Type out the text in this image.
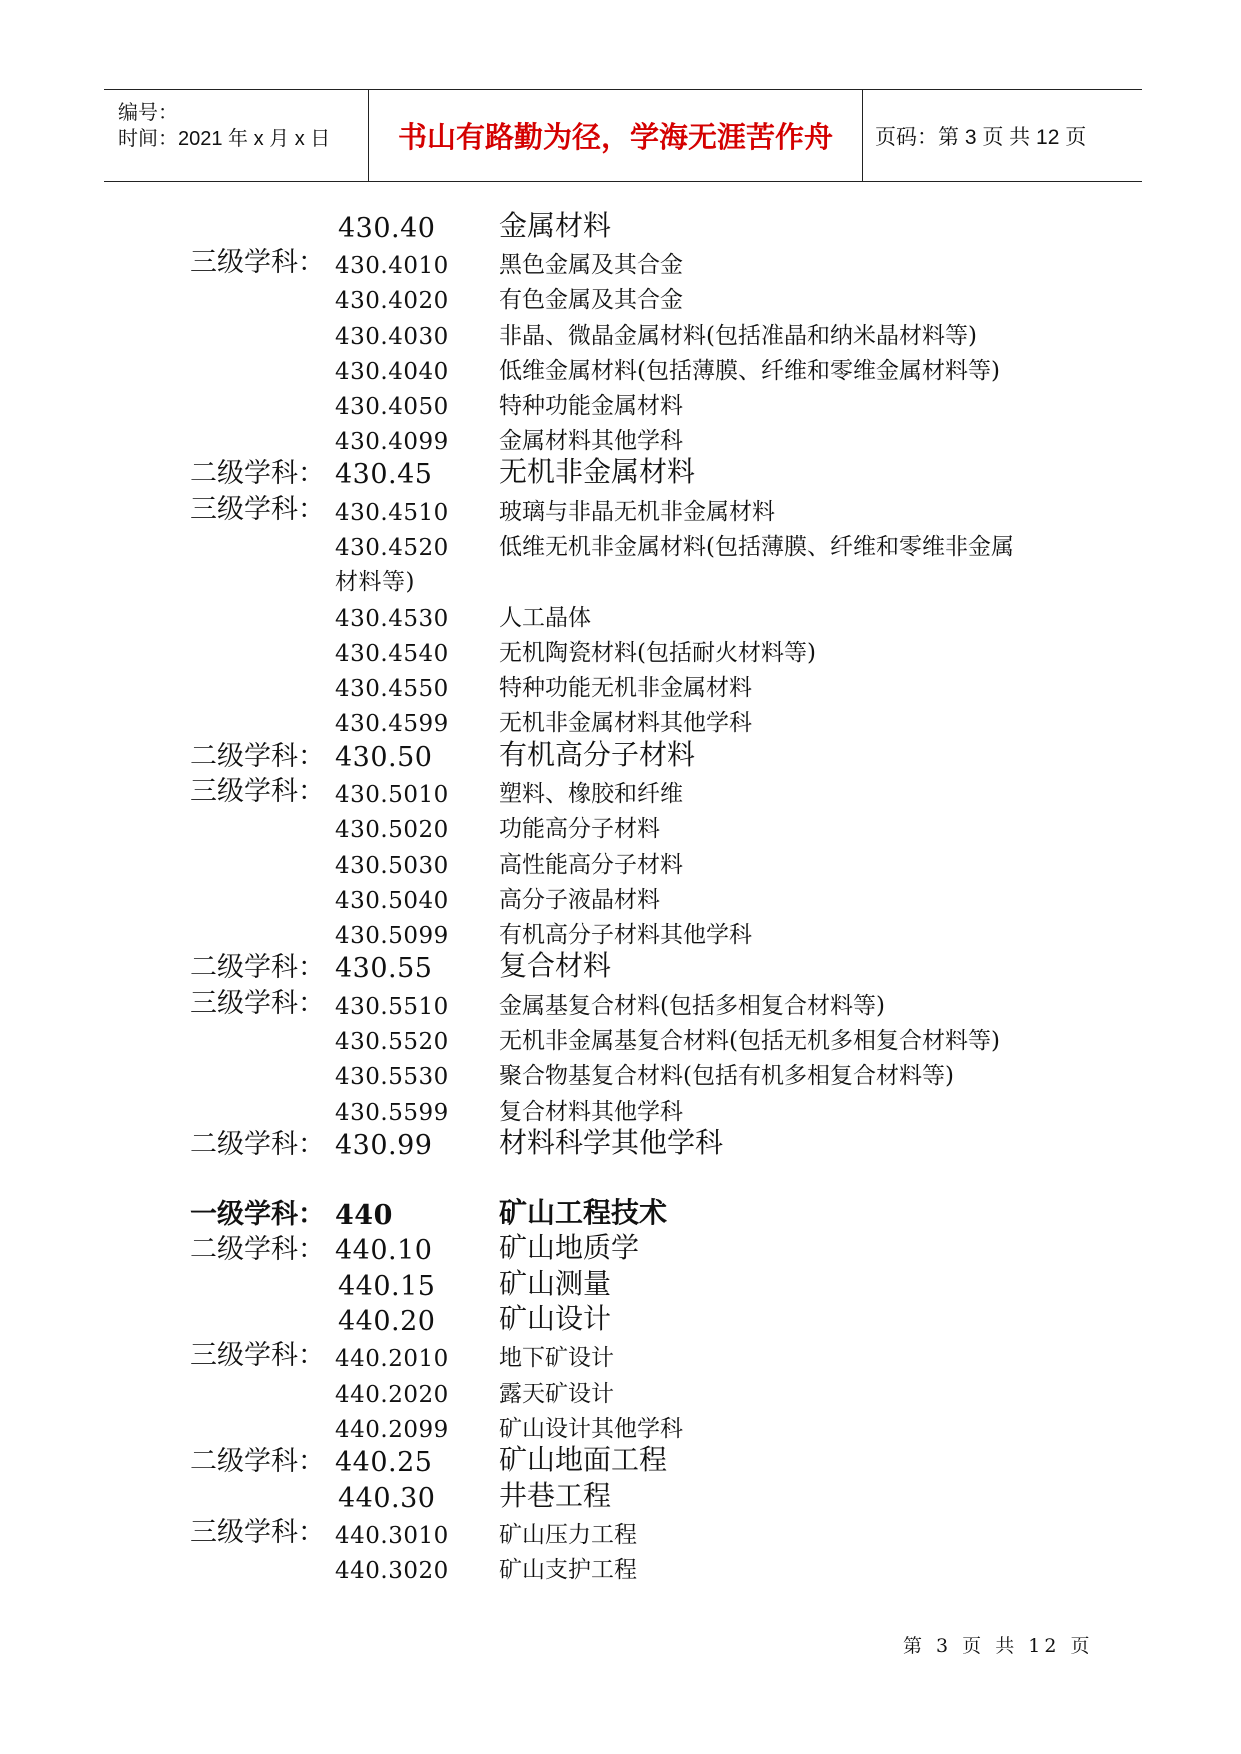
编号：
时间：2021 年 x 月 x 日	书山有路勤为径，学海无涯苦作舟	页码：第 3 页 共 12 页
430.40 金属材料
三级学科： 430.4010 黑色金属及其合金
430.4020 有色金属及其合金
430.4030 非晶、微晶金属材料(包括准晶和纳米晶材料等)
430.4040 低维金属材料(包括薄膜、纤维和零维金属材料等)
430.4050 特种功能金属材料
430.4099 金属材料其他学科
二级学科： 430.45 无机非金属材料
三级学科： 430.4510 玻璃与非晶无机非金属材料
430.4520 低维无机非金属材料(包括薄膜、纤维和零维非金属
材料等)
430.4530 人工晶体
430.4540 无机陶瓷材料(包括耐火材料等)
430.4550 特种功能无机非金属材料
430.4599 无机非金属材料其他学科
二级学科： 430.50 有机高分子材料
三级学科： 430.5010 塑料、橡胶和纤维
430.5020 功能高分子材料
430.5030 高性能高分子材料
430.5040 高分子液晶材料
430.5099 有机高分子材料其他学科
二级学科： 430.55 复合材料
三级学科： 430.5510 金属基复合材料(包括多相复合材料等)
430.5520 无机非金属基复合材料(包括无机多相复合材料等)
430.5530 聚合物基复合材料(包括有机多相复合材料等)
430.5599 复合材料其他学科
二级学科： 430.99 材料科学其他学科
一级学科： 440	矿山工程技术
二级学科： 440.10 矿山地质学
440.15 矿山测量
440.20 矿山设计
三级学科： 440.2010 地下矿设计
440.2020 露天矿设计
440.2099 矿山设计其他学科
二级学科： 440.25 矿山地面工程
440.30 井巷工程
三级学科： 440.3010 矿山压力工程
440.3020 矿山支护工程
第 3 页 共 12 页
